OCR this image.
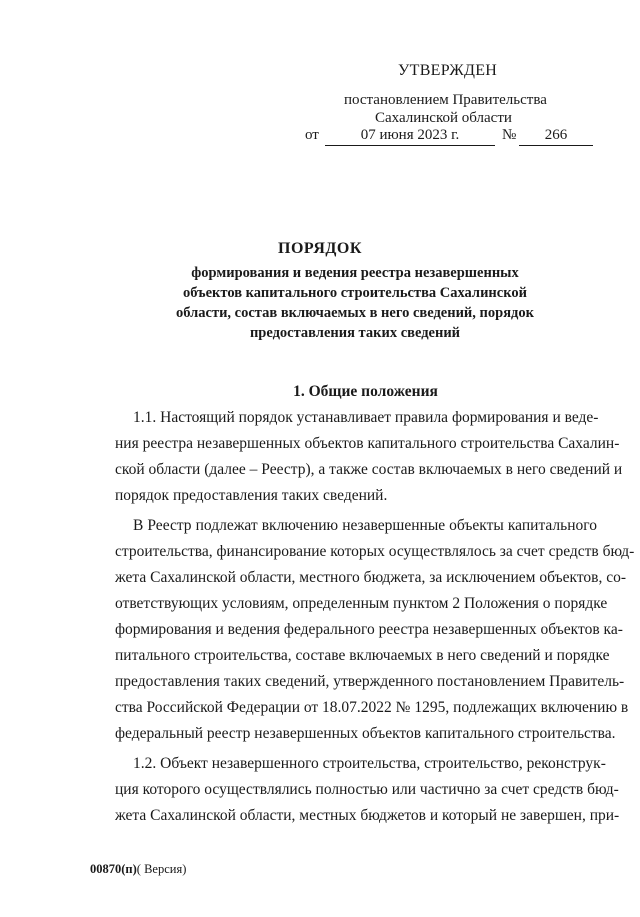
УТВЕРЖДЕН
постановлением Правительства
Сахалинской области
от	07 июня 2023 г.	№	266
ПОРЯДОК
формирования и ведения реестра незавершенных
объектов капитального строительства Сахалинской
области, состав включаемых в него сведений, порядок
предоставления таких сведений
1. Общие положения
1.1. Настоящий порядок устанавливает правила формирования и веде-
ния реестра незавершенных объектов капитального строительства Сахалин-
ской области (далее – Реестр), а также состав включаемых в него сведений и
порядок предоставления таких сведений.
В Реестр подлежат включению незавершенные объекты капитального
строительства, финансирование которых осуществлялось за счет средств бюд-
жета Сахалинской области, местного бюджета, за исключением объектов, со-
ответствующих условиям, определенным пунктом 2 Положения о порядке
формирования и ведения федерального реестра незавершенных объектов ка-
питального строительства, составе включаемых в него сведений и порядке
предоставления таких сведений, утвержденного постановлением Правитель-
ства Российской Федерации от 18.07.2022 № 1295, подлежащих включению в
федеральный реестр незавершенных объектов капитального строительства.
1.2. Объект незавершенного строительства, строительство, реконструк-
ция которого осуществлялись полностью или частично за счет средств бюд-
жета Сахалинской области, местных бюджетов и который не завершен, при-
00870(п)( Версия)
